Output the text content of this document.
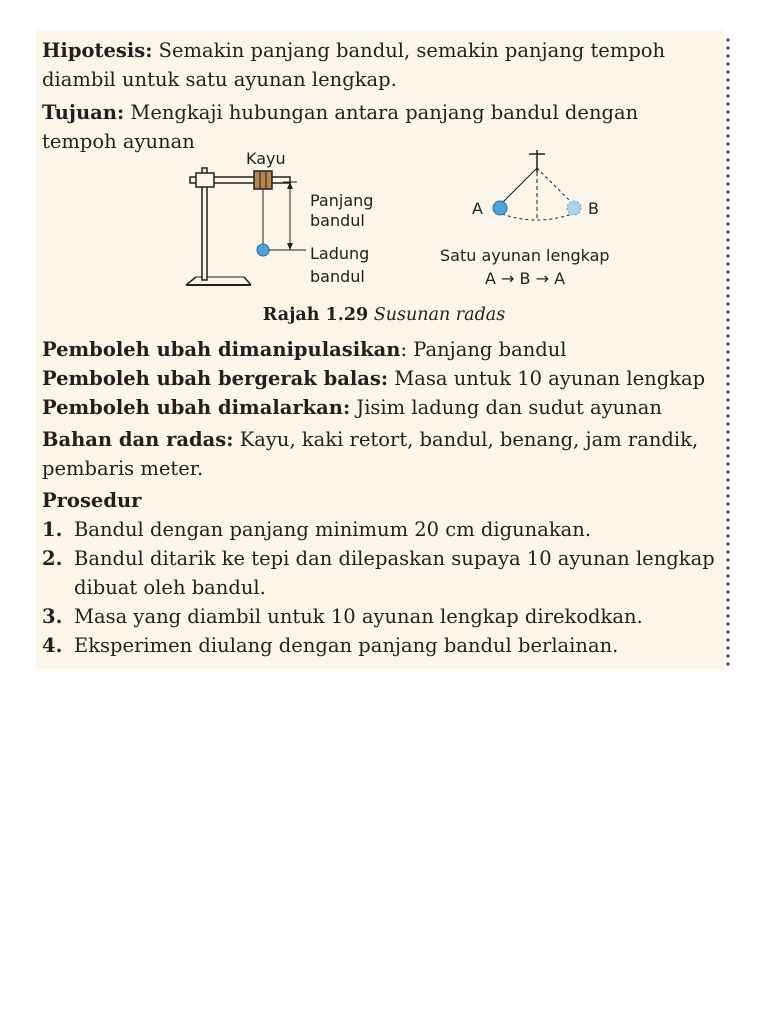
Hipotesis: Semakin panjang bandul, semakin panjang tempoh

diambil untuk satu ayunan lengkap.

Tujuan: Mengkaji hubungan antara panjang bandul dengan

tempoh ayunan

Kayu
Panjang
bandul
Ladung
bandul
A	B
Satu ayunan lengkap
A → B → A

Rajah 1.29 Susunan radas

Pemboleh ubah dimanipulasikan: Panjang bandul

Pemboleh ubah bergerak balas: Masa untuk 10 ayunan lengkap

Pemboleh ubah dimalarkan: Jisim ladung dan sudut ayunan

Bahan dan radas: Kayu, kaki retort, bandul, benang, jam randik,

pembaris meter.

Prosedur

1. Bandul dengan panjang minimum 20 cm digunakan.

2. Bandul ditarik ke tepi dan dilepaskan supaya 10 ayunan lengkap

dibuat oleh bandul.

3. Masa yang diambil untuk 10 ayunan lengkap direkodkan.

4. Eksperimen diulang dengan panjang bandul berlainan.
